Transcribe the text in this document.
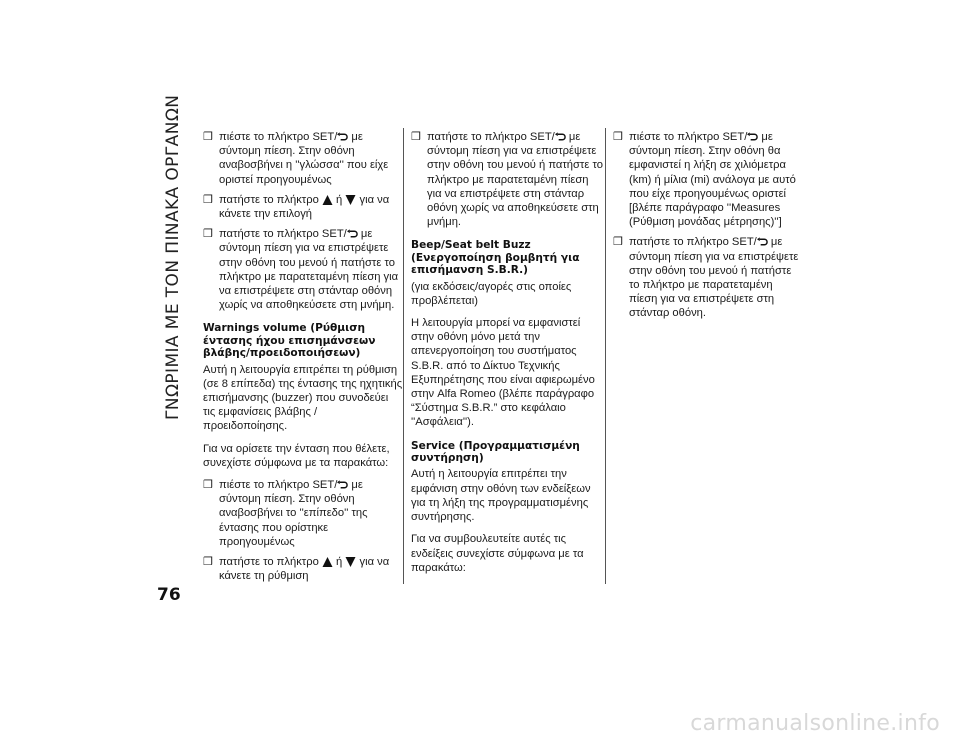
ΓΝΩΡΙΜΙΑ ΜΕ ΤΟΝ ΠΙΝΑΚΑ ΟΡΓΑΝΩΝ ❒ πιέστε το πλήκτρο SET/ με σύντομη πίεση. Στην οθόνη αναβοσβήνει η ''γλώσσα'' που είχε οριστεί προηγουμένως
❒ πατήστε το πλήκτρο ή για να κάνετε την επιλογή
❒ πατήστε το πλήκτρο SET/ με σύντομη πίεση για να επιστρέψετε στην οθόνη του μενού ή πατήστε το πλήκτρο με παρατεταμένη πίεση για να επιστρέψετε στη στάνταρ οθόνη χωρίς να αποθηκεύσετε στη μνήμη.
Warnings volume (Ρύθμιση έντασης ήχου επισημάνσεων βλάβης/προειδοποιήσεων)

Αυτή η λειτουργία επιτρέπει τη ρύθμιση (σε 8 επίπεδα) της έντασης της ηχητικής επισήμανσης (buzzer) που συνοδεύει τις εμφανίσεις βλάβης / προειδοποίησης.

Για να ορίσετε την ένταση που θέλετε, συνεχίστε σύμφωνα με τα παρακάτω:

❒ πιέστε το πλήκτρο SET/ με σύντομη πίεση. Στην οθόνη αναβοσβήνει το ''επίπεδο'' της έντασης που ορίστηκε προηγουμένως
❒ πατήστε το πλήκτρο ή για να κάνετε τη ρύθμιση
❒ πατήστε το πλήκτρο SET/ με σύντομη πίεση για να επιστρέψετε στην οθόνη του μενού ή πατήστε το πλήκτρο με παρατεταμένη πίεση για να επιστρέψετε στη στάνταρ οθόνη χωρίς να αποθηκεύσετε στη μνήμη.
Beep/Seat belt Buzz (Ενεργοποίηση βομβητή για επισήμανση S.B.R.)
(για εκδόσεις/αγορές στις οποίες προβλέπεται)

Η λειτουργία μπορεί να εμφανιστεί στην οθόνη μόνο μετά την απενεργοποίηση του συστήματος S.B.R. από το Δίκτυο Τεχνικής Εξυπηρέτησης που είναι αφιερωμένο στην Alfa Romeo (βλέπε παράγραφο “Σύστημα S.B.R.” στο κεφάλαιο ''Ασφάλεια'').

Service (Προγραμματισμένη συντήρηση)

Αυτή η λειτουργία επιτρέπει την εμφάνιση στην οθόνη των ενδείξεων για τη λήξη της προγραμματισμένης συντήρησης.

Για να συμβουλευτείτε αυτές τις ενδείξεις συνεχίστε σύμφωνα με τα παρακάτω:

❒ πιέστε το πλήκτρο SET/ με σύντομη πίεση. Στην οθόνη θα εμφανιστεί η λήξη σε χιλιόμετρα (km) ή μίλια (mi) ανάλογα με αυτό που είχε προηγουμένως οριστεί [βλέπε παράγραφο ''Measures (Ρύθμιση μονάδας μέτρησης)'']
❒ πατήστε το πλήκτρο SET/ με σύντομη πίεση για να επιστρέψετε στην οθόνη του μενού ή πατήστε το πλήκτρο με παρατεταμένη πίεση για να επιστρέψετε στη στάνταρ οθόνη.
76
carmanualsonline.info
